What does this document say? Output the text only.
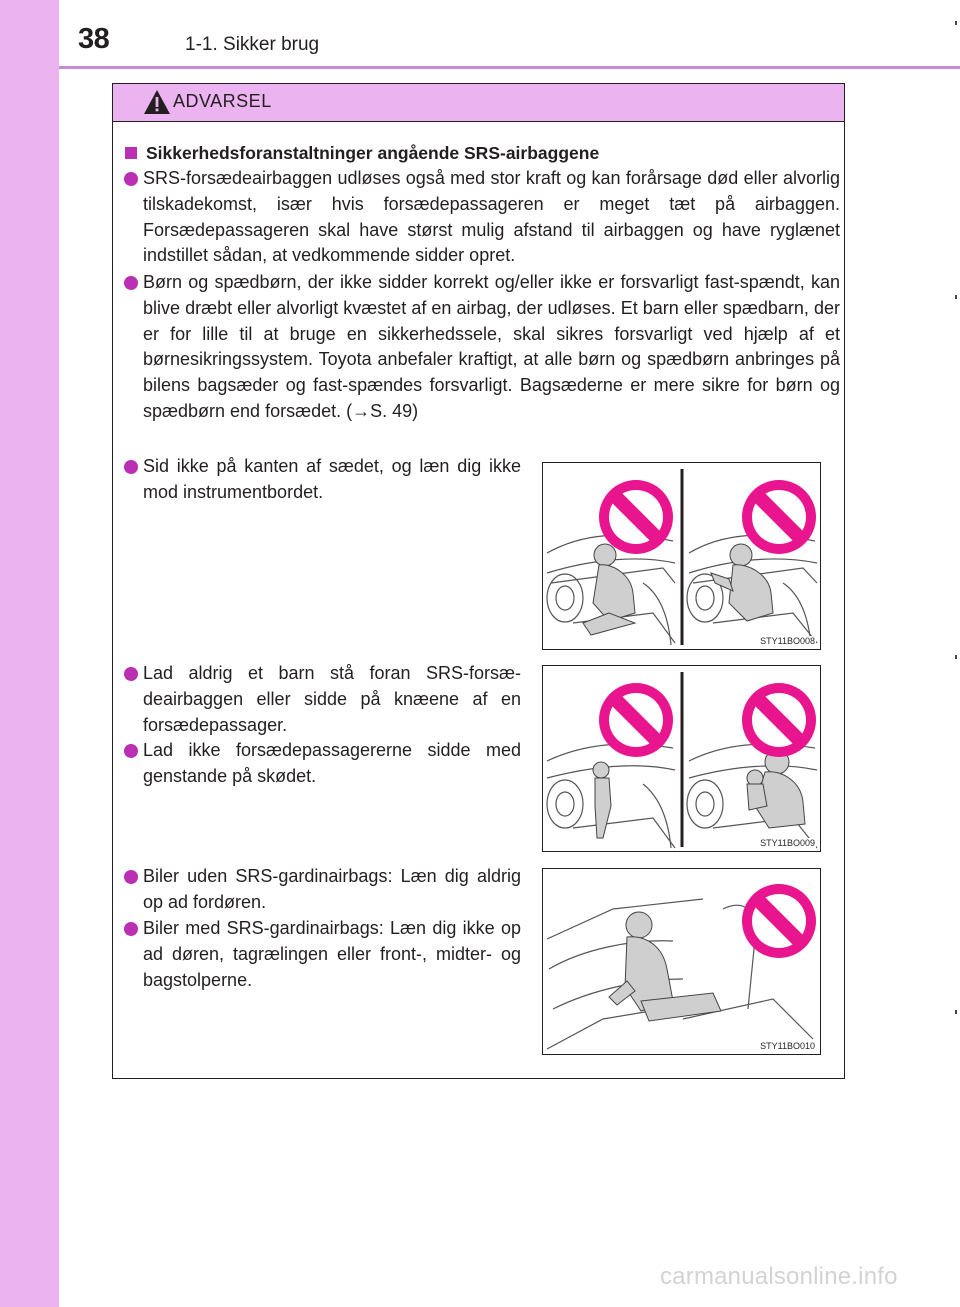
38	1-1. Sikker brug
ADVARSEL
Sikkerhedsforanstaltninger angående SRS-airbaggene
SRS-forsædeairbaggen udløses også med stor kraft og kan forårsage død eller alvorlig tilskadekomst, især hvis forsædepassageren er meget tæt på airbaggen. Forsædepassageren skal have størst mulig afstand til airbaggen og have ryglænet indstillet sådan, at vedkommende sidder opret.
Børn og spædbørn, der ikke sidder korrekt og/eller ikke er forsvarligt fast-spændt, kan blive dræbt eller alvorligt kvæstet af en airbag, der udløses. Et barn eller spædbarn, der er for lille til at bruge en sikkerhedssele, skal sikres forsvarligt ved hjælp af et børnesikringssystem. Toyota anbefaler kraftigt, at alle børn og spædbørn anbringes på bilens bagsæder og fast-spændes forsvarligt. Bagsæderne er mere sikre for børn og spædbørn end forsædet. (→S. 49)
Sid ikke på kanten af sædet, og læn dig ikke mod instrumentbordet.
Lad aldrig et barn stå foran SRS-forsæ-deairbaggen eller sidde på knæene af en forsædepassager.
Lad ikke forsædepassagererne sidde med genstande på skødet.
Biler uden SRS-gardinairbags: Læn dig aldrig op ad fordøren.
Biler med SRS-gardinairbags: Læn dig ikke op ad døren, tagrælingen eller front-, midter- og bagstolperne.
STY11BO008
STY11BO009
STY11BO010
carmanualsonline.info
